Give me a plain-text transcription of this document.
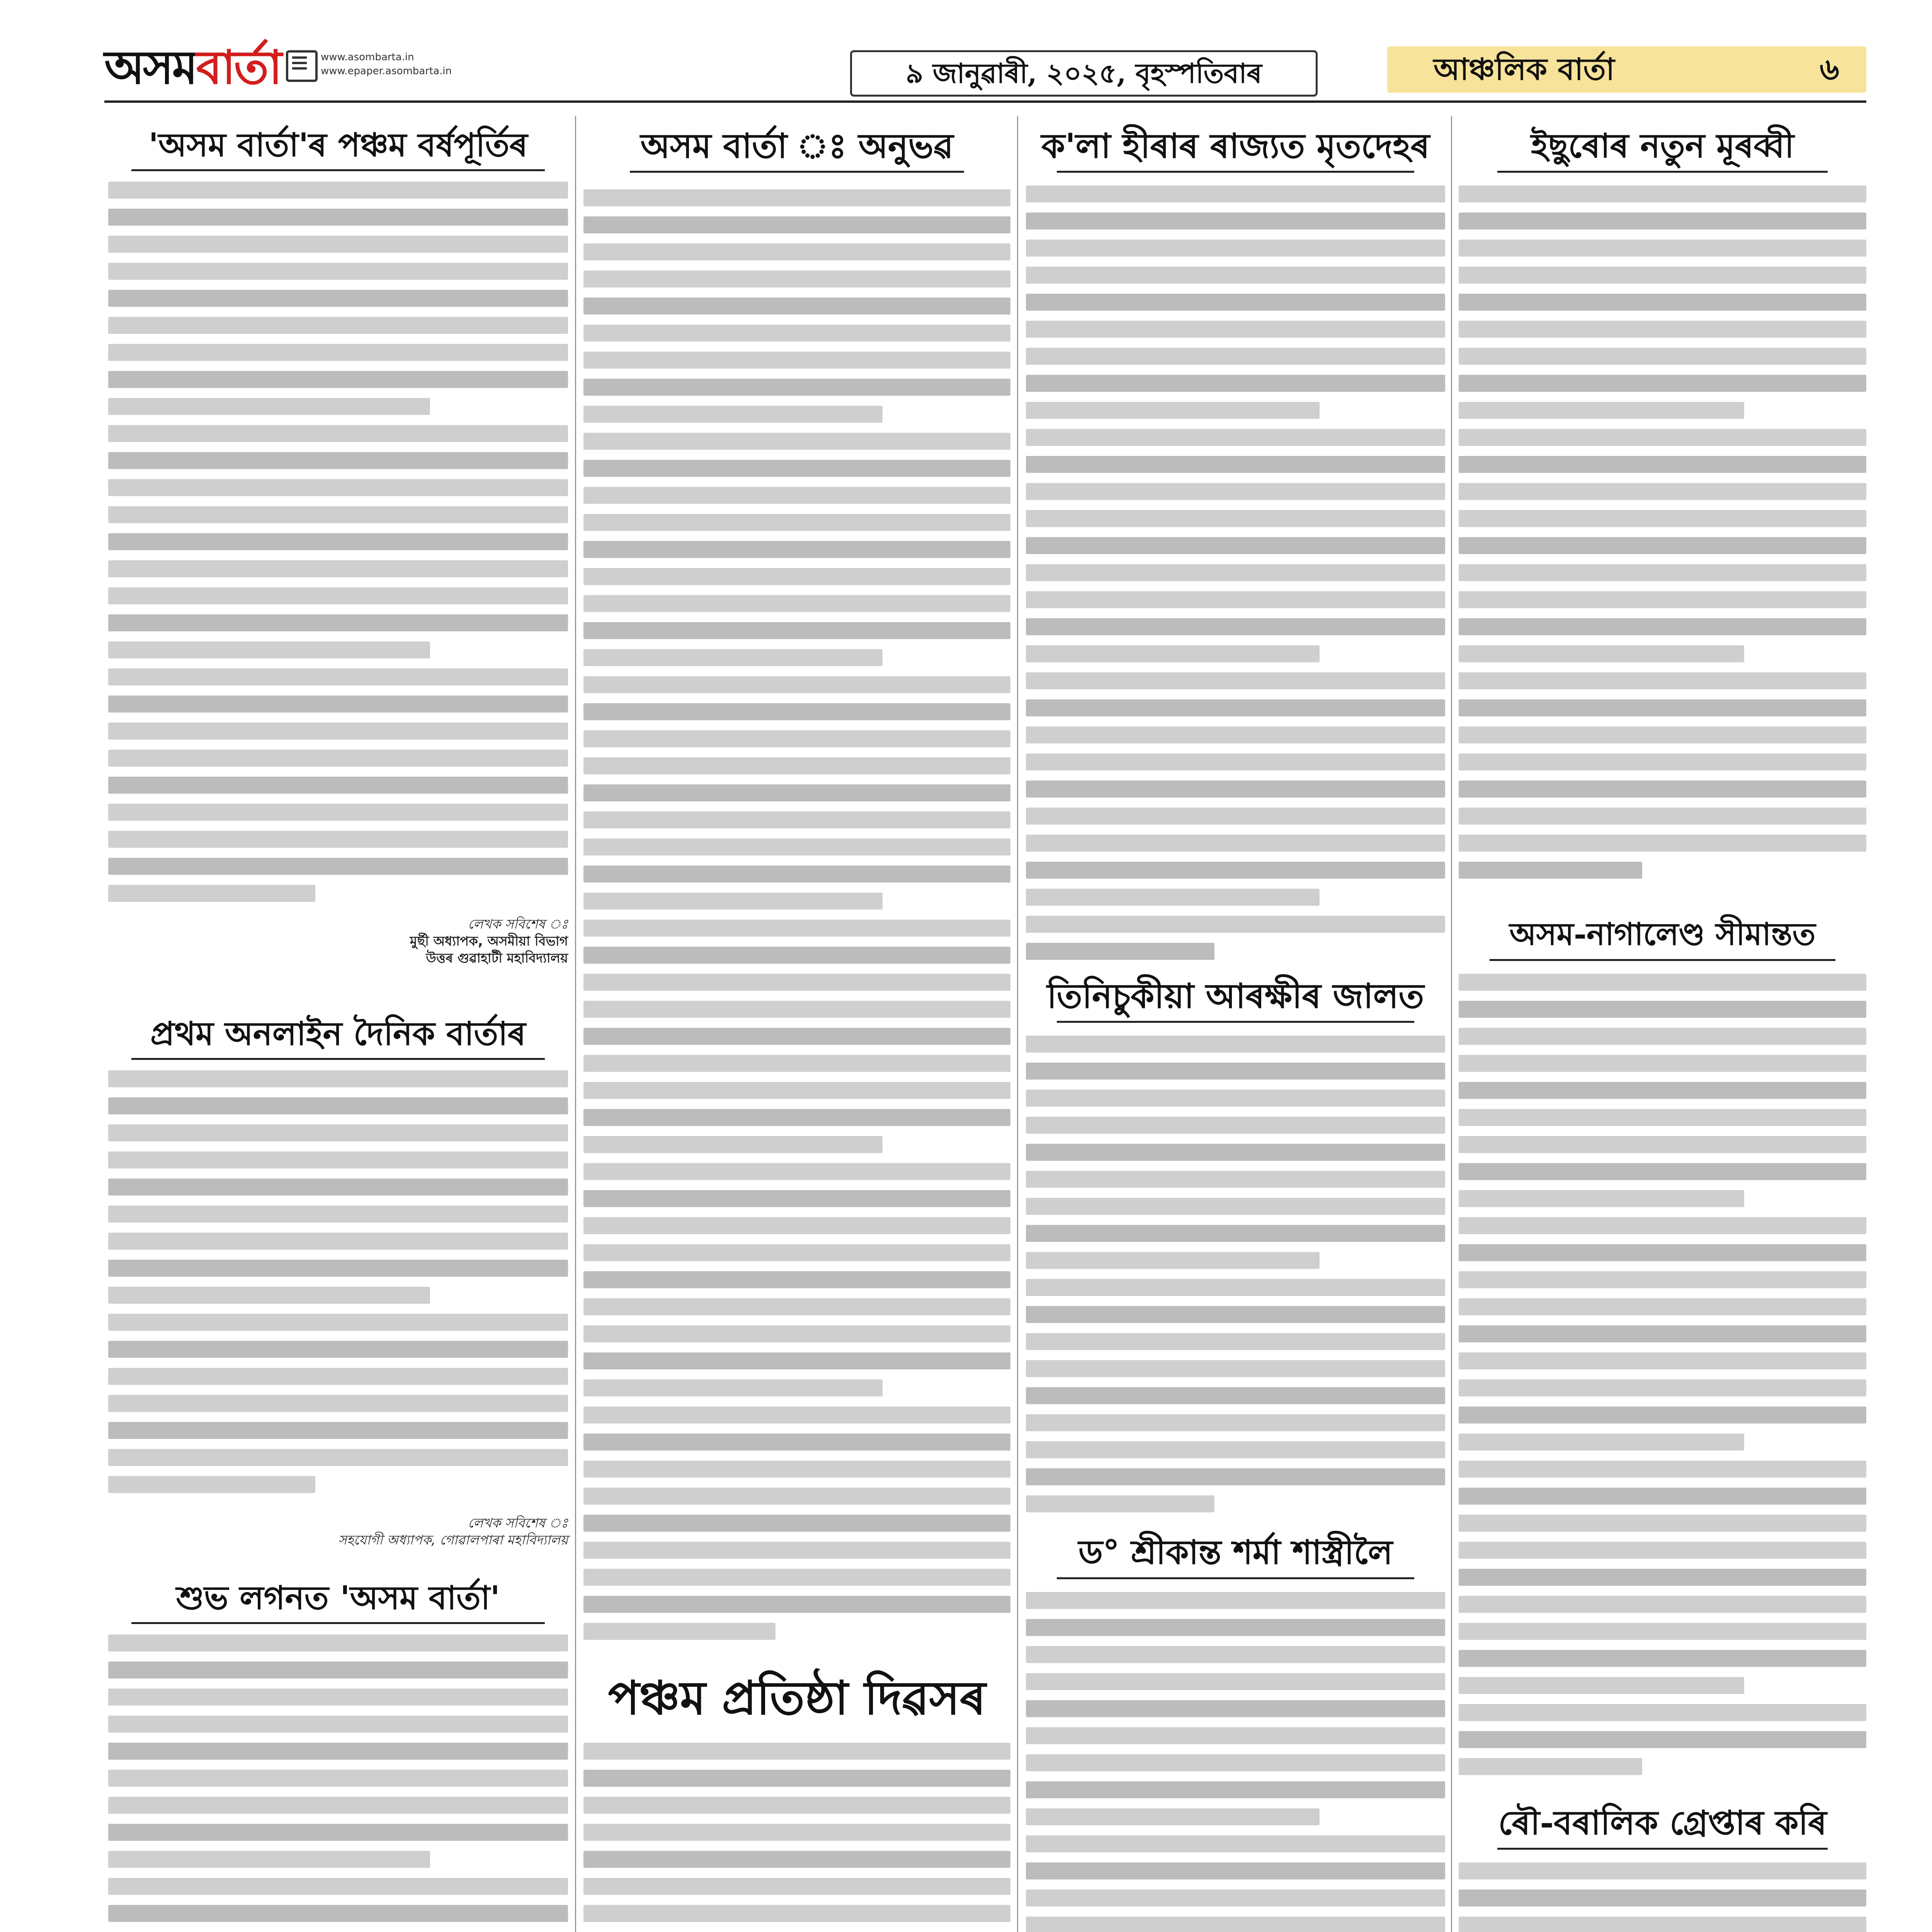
অসমবাৰ্তা	www.asombarta.in
www.epaper.asombarta.in	৯ জানুৱাৰী, ২০২৫, বৃহস্পতিবাৰ	আঞ্চলিক বাৰ্তা	৬
'অসম বাৰ্তা'ৰ পঞ্চম বৰ্ষপূৰ্তিৰ
লেখক সবিশেষ ঃ
মুৰ্ছী অধ্যাপক, অসমীয়া বিভাগ
উত্তৰ গুৱাহাটী মহাবিদ্যালয়
প্ৰথম অনলাইন দৈনিক বাৰ্তাৰ
লেখক সবিশেষ ঃ
সহযোগী অধ্যাপক, গোৱালপাৰা মহাবিদ্যালয়
শুভ লগনত 'অসম বাৰ্তা'
অসম বাৰ্তা ঃ অনুভৱ
পঞ্চম প্ৰতিষ্ঠা দিৱসৰ
ক'লা হীৰাৰ ৰাজ্যত মৃতদেহৰ
তিনিচুকীয়া আৰক্ষীৰ জালত
ড° শ্ৰীকান্ত শৰ্মা শাস্ত্ৰীলৈ
ইছুৰোৰ নতুন মূৰব্বী
অসম-নাগালেণ্ড সীমান্তত
ৰৌ-বৰালিক গ্ৰেপ্তাৰ কৰি
